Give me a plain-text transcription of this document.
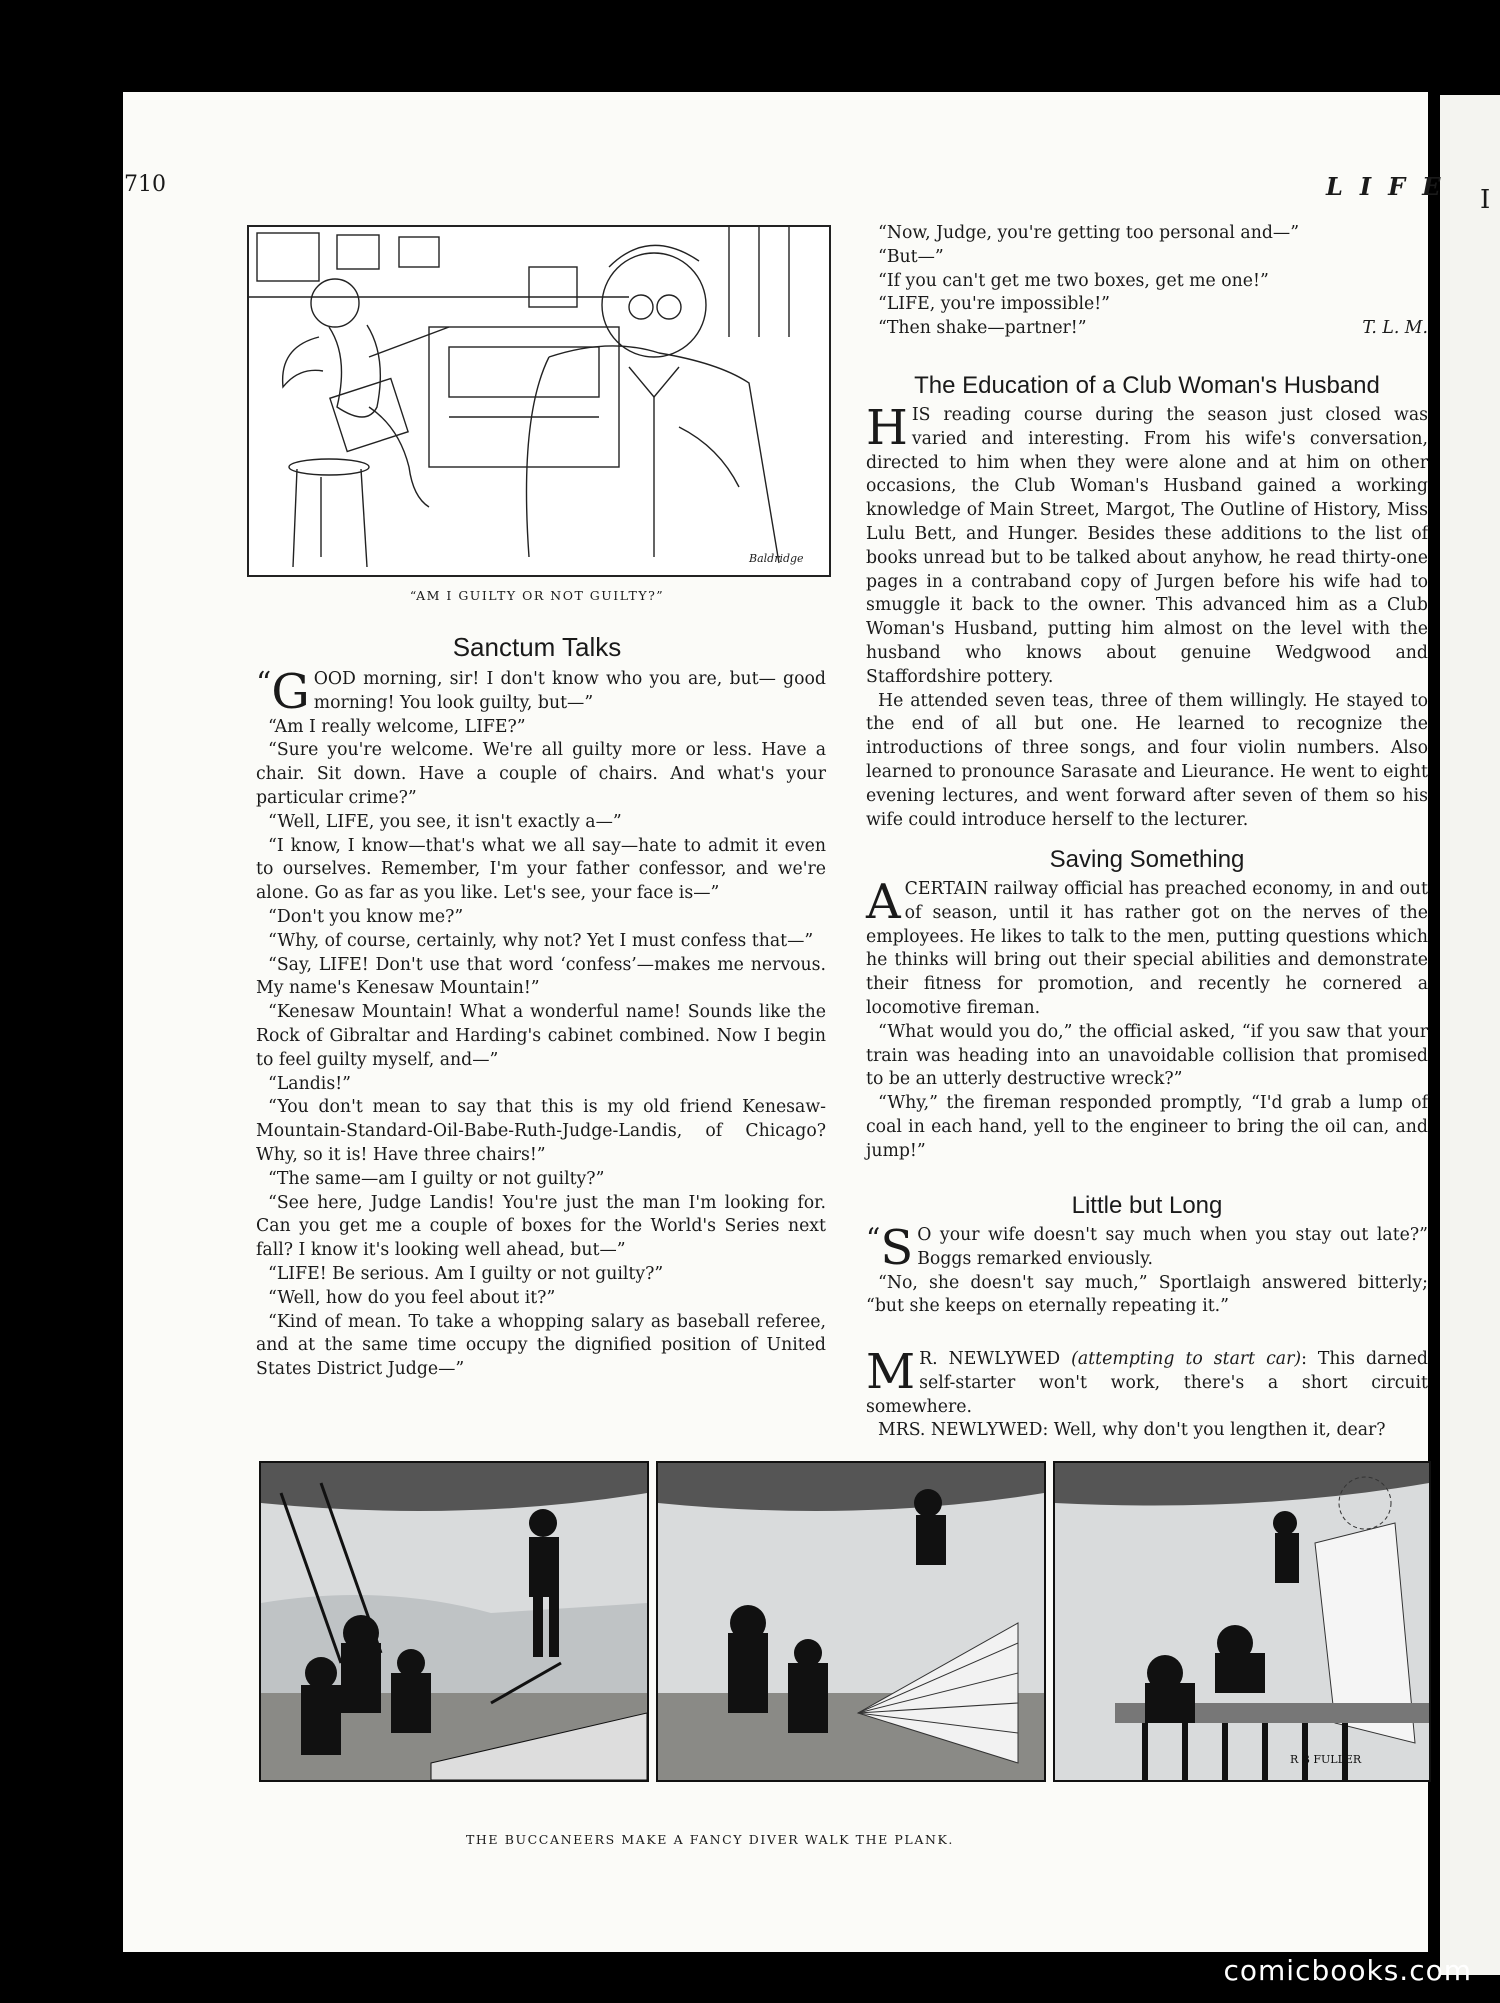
I
710	LIFE
Baldridge
“AM I GUILTY OR NOT GUILTY?”
Sanctum Talks

“ G OOD morning, sir! I don't know who you are, but— good morning! You look guilty, but—”

“Am I really welcome, LIFE?”

“Sure you're welcome. We're all guilty more or less. Have a chair. Sit down. Have a couple of chairs. And what's your particular crime?”

“Well, LIFE, you see, it isn't exactly a—”

“I know, I know—that's what we all say—hate to admit it even to ourselves. Remember, I'm your father confessor, and we're alone. Go as far as you like. Let's see, your face is—”

“Don't you know me?”

“Why, of course, certainly, why not? Yet I must confess that—”

“Say, LIFE! Don't use that word ‘confess’—makes me nervous. My name's Kenesaw Mountain!”

“Kenesaw Mountain! What a wonderful name! Sounds like the Rock of Gibraltar and Harding's cabinet combined. Now I begin to feel guilty myself, and—”

“Landis!”

“You don't mean to say that this is my old friend Kenesaw-Mountain-Standard-Oil-Babe-Ruth-Judge-Landis, of Chicago? Why, so it is! Have three chairs!”

“The same—am I guilty or not guilty?”

“See here, Judge Landis! You're just the man I'm looking for. Can you get me a couple of boxes for the World's Series next fall? I know it's looking well ahead, but—”

“LIFE! Be serious. Am I guilty or not guilty?”

“Well, how do you feel about it?”

“Kind of mean. To take a whopping salary as baseball referee, and at the same time occupy the dignified position of United States District Judge—”

“Now, Judge, you're getting too personal and—”

“But—”

“If you can't get me two boxes, get me one!”

“LIFE, you're impossible!”

“Then shake—partner!”	T. L. M.

The Education of a Club Woman's Husband

HIS reading course during the season just closed was varied and interesting. From his wife's conversation, directed to him when they were alone and at him on other occasions, the Club Woman's Husband gained a working knowledge of Main Street, Margot, The Outline of History, Miss Lulu Bett, and Hunger. Besides these additions to the list of books unread but to be talked about anyhow, he read thirty-one pages in a contraband copy of Jurgen before his wife had to smuggle it back to the owner. This advanced him as a Club Woman's Husband, putting him almost on the level with the husband who knows about genuine Wedgwood and Staffordshire pottery.

He attended seven teas, three of them willingly. He stayed to the end of all but one. He learned to recognize the introductions of three songs, and four violin numbers. Also learned to pronounce Sarasate and Lieurance. He went to eight evening lectures, and went forward after seven of them so his wife could introduce herself to the lecturer.

Saving Something

ACERTAIN railway official has preached economy, in and out of season, until it has rather got on the nerves of the employees. He likes to talk to the men, putting questions which he thinks will bring out their special abilities and demonstrate their fitness for promotion, and recently he cornered a locomotive fireman.

“What would you do,” the official asked, “if you saw that your train was heading into an unavoidable collision that promised to be an utterly destructive wreck?”

“Why,” the fireman responded promptly, “I'd grab a lump of coal in each hand, yell to the engineer to bring the oil can, and jump!”

Little but Long

“ S O your wife doesn't say much when you stay out late?” Boggs remarked enviously.

“No, she doesn't say much,” Sportlaigh answered bitterly; “but she keeps on eternally repeating it.”

M R. NEWLYWED (attempting to start car): This darned self-starter won't work, there's a short circuit somewhere.

MRS. NEWLYWED: Well, why don't you lengthen it, dear?

R B FULLER
THE BUCCANEERS MAKE A FANCY DIVER WALK THE PLANK.
comicbooks.com
